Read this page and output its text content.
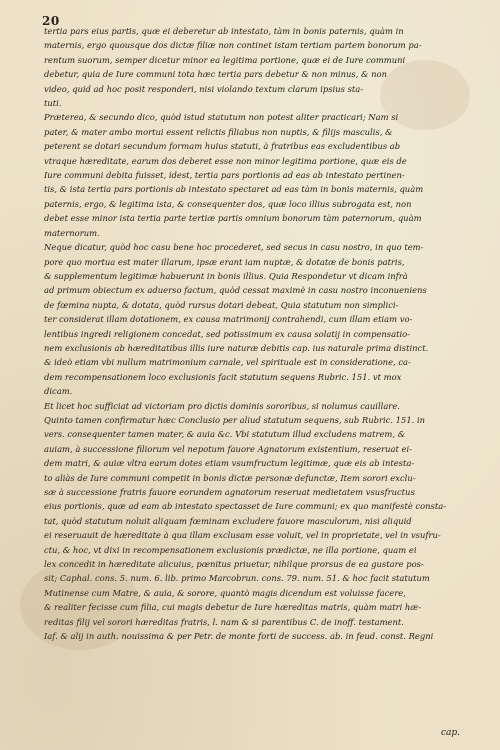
20
tertia pars eius partis, quæ ei deberetur ab intestato, tàm in bonis paternis, quàm in
maternis, ergo quousque dos dictæ filiæ non continet istam tertiam partem bonorum pa-
rentum suorum, semper dicetur minor ea legitima portione, quæ ei de Iure communi
debetur, quia de Iure communi tota hæc tertia pars debetur & non minus, & non
video, quid ad hoc posit responderi, nisi violando textum clarum ipsius sta-
tuti.
Præterea, & secundo dico, quòd istud statutum non potest aliter practicari; Nam si
pater, & mater ambo mortui essent relictis filiabus non nuptis, & filijs masculis, &
peterent se dotari secundum formam huius statuti, à fratribus eas excludentibus ab
vtraque hæreditate, earum dos deberet esse non minor legitima portione, quæ eis de
Iure communi debita fuisset, idest, tertia pars portionis ad eas ab intestato pertinen-
tis, & ista tertia pars portionis ab intestato spectaret ad eas tàm in bonis maternis, quàm
paternis, ergo, & legitima ista, & consequenter dos, quæ loco illius subrogata est, non
debet esse minor ista tertia parte tertiæ partis omnium bonorum tàm paternorum, quàm
maternorum.
Neque dicatur, quòd hoc casu bene hoc procederet, sed secus in casu nostro, in quo tem-
pore quo mortua est mater illarum, ipsæ erant iam nuptæ, & dotatæ de bonis patris,
& supplementum legitimæ habuerunt in bonis illius. Quia Respondetur vt dicam infrà
ad primum obiectum ex aduerso factum, quòd cessat maximè in casu nostro inconueniens
de fœmina nupta, & dotata, quòd rursus dotari debeat, Quia statutum non simplici-
ter considerat illam dotationem, ex causa matrimonij contrahendi, cum illam etiam vo-
lentibus ingredi religionem concedat, sed potissimum ex causa solatij in compensatio-
nem exclusionis ab hæreditatibus illis iure naturæ debitis cap. ius naturale prima distinct.
& ideò etiam vbi nullum matrimonium carnale, vel spirituale est in consideratione, ca-
dem recompensationem loco exclusionis facit statutum sequens Rubric. 151. vt mox
dicam.
Et licet hoc sufficiat ad victoriam pro dictis dominis sororibus, si nolumus cauillare.
Quinto tamen confirmatur hæc Conclusio per aliud statutum sequens, sub Rubric. 151. in
vers. consequenter tamen mater, & auia &c. Vbi statutum illud excludens matrem, &
auiam, à successione filiorum vel nepotum fauore Agnatorum existentium, reseruat ei-
dem matri, & auiæ vltra earum dotes etiam vsumfructum legitimæ, quæ eis ab intesta-
to aliàs de Iure communi competit in bonis dictæ personæ defunctæ, Item sorori exclu-
sæ à successione fratris fauore eorundem agnatorum reseruat medietatem vsusfructus
eius portionis, quæ ad eam ab intestato spectasset de Iure communi; ex quo manifestè consta-
tat, quòd statutum noluit aliquam fœminam excludere fauore masculorum, nisi aliquid
ei reseruauit de hæreditate à qua illam exclusam esse voluit, vel in proprietate, vel in vsufru-
ctu, & hoc, vt dixi in recompensationem exclusionis prædictæ, ne illa portione, quam ei
lex concedit in hæreditate alicuius, pœnitus priuetur, nihilque prorsus de ea gustare pos-
sit; Caphal. cons. 5. num. 6. lib. primo Marcobrun. cons. 79. num. 51. & hoc facit statutum
Mutinense cum Matre, & auia, & sorore, quantò magis dicendum est voluisse facere,
& realiter fecisse cum filia, cui magis debetur de Iure hæreditas matris, quàm matri hæ-
reditas filij vel sorori hæreditas fratris, l. nam & si parentibus C. de inoff. testament.
Iaf. & alij in auth. nouissima & per Petr. de monte forti de success. ab. in feud. const. Regni
cap.
